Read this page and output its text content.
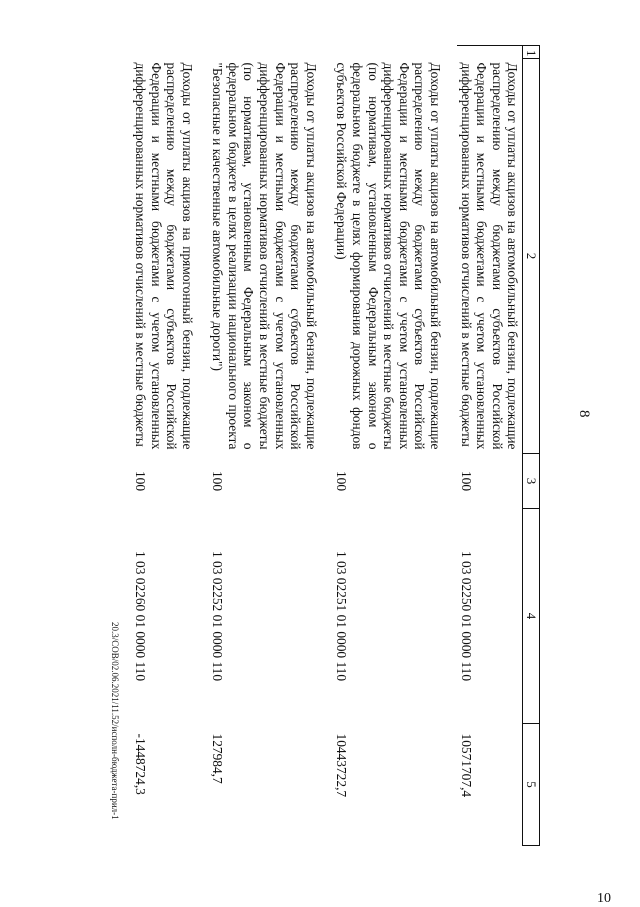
8
1	2	3	4	5
	Доходы от уплаты акцизов на автомобильный бензин, подлежащие распределению между бюджетами субъектов Российской Федерации и местными бюджетами с учетом установленных дифференцированных нормативов отчислений в местные бюджеты	100	1 03 02250 01 0000 110	10571707,4
	Доходы от уплаты акцизов на автомобильный бензин, подлежащие распределению между бюджетами субъектов Российской Федерации и местными бюджетами с учетом установленных дифференцированных нормативов отчислений в местные бюджеты (по нормативам, установленным Федеральным законом о федеральном бюджете в целях формирования дорожных фондов субъектов Российской Федерации)	100	1 03 02251 01 0000 110	10443722,7
	Доходы от уплаты акцизов на автомобильный бензин, подлежащие распределению между бюджетами субъектов Российской Федерации и местными бюджетами с учетом установленных дифференцированных нормативов отчислений в местные бюджеты (по нормативам, установленным Федеральным законом о федеральном бюджете в целях реализации национального проекта "Безопасные и качественные автомобильные дороги")	100	1 03 02252 01 0000 110	127984,7
	Доходы от уплаты акцизов на прямогонный бензин, подлежащие распределению между бюджетами субъектов Российской Федерации и местными бюджетами с учетом установленных дифференцированных нормативов отчислений в местные бюджеты	100	1 03 02260 01 0000 110	-1448724,3
20.3/СОВ/02.06.2021/11.52/исполн-бюджета-прил-1
10
